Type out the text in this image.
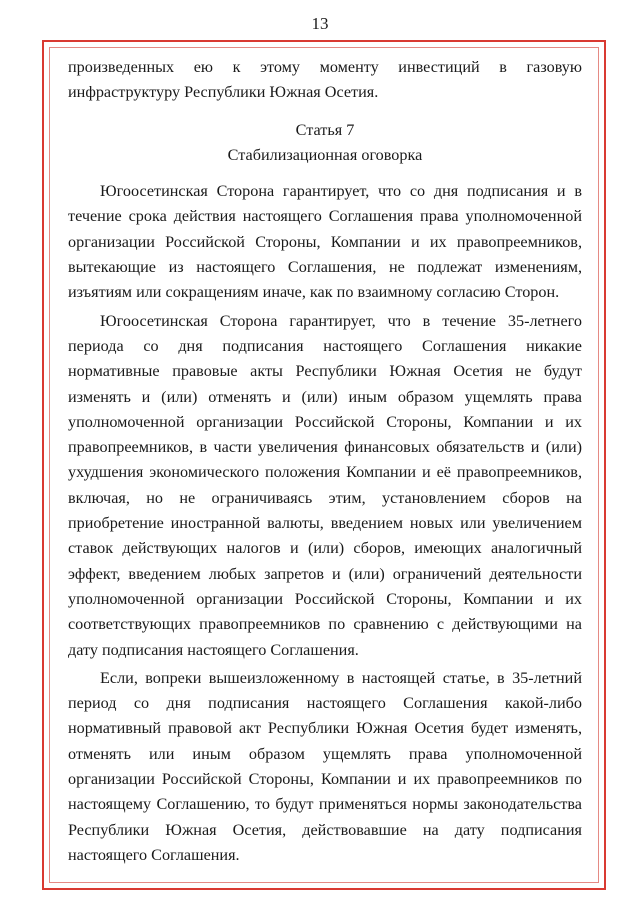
13

произведенных ею к этому моменту инвестиций в газовую инфраструктуру Республики Южная Осетия.

Статья 7

Стабилизационная оговорка

Югоосетинская Сторона гарантирует, что со дня подписания и в течение срока действия настоящего Соглашения права уполномоченной организации Российской Стороны, Компании и их правопреемников, вытекающие из настоящего Соглашения, не подлежат изменениям, изъятиям или сокращениям иначе, как по взаимному согласию Сторон.

Югоосетинская Сторона гарантирует, что в течение 35-летнего периода со дня подписания настоящего Соглашения никакие нормативные правовые акты Республики Южная Осетия не будут изменять и (или) отменять и (или) иным образом ущемлять права уполномоченной организации Российской Стороны, Компании и их правопреемников, в части увеличения финансовых обязательств и (или) ухудшения экономического положения Компании и её правопреемников, включая, но не ограничиваясь этим, установлением сборов на приобретение иностранной валюты, введением новых или увеличением ставок действующих налогов и (или) сборов, имеющих аналогичный эффект, введением любых запретов и (или) ограничений деятельности уполномоченной организации Российской Стороны, Компании и их соответствующих правопреемников по сравнению с действующими на дату подписания настоящего Соглашения.

Если, вопреки вышеизложенному в настоящей статье, в 35-летний период со дня подписания настоящего Соглашения какой-либо нормативный правовой акт Республики Южная Осетия будет изменять, отменять или иным образом ущемлять права уполномоченной организации Российской Стороны, Компании и их правопреемников по настоящему Соглашению, то будут применяться нормы законодательства Республики Южная Осетия, действовавшие на дату подписания настоящего Соглашения.
